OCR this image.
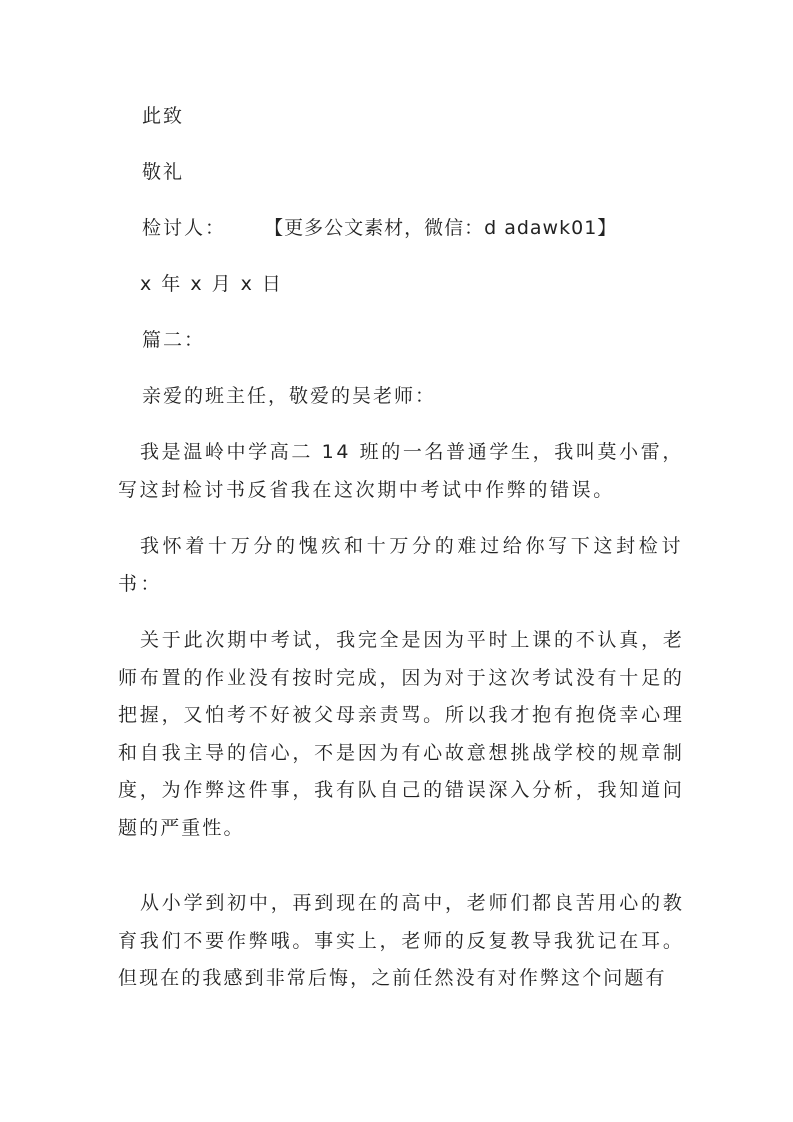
此致
敬礼
检讨人： 【更多公文素材，微信：d adawk01】
x 年 x 月 x 日
篇二：
亲爱的班主任，敬爱的吴老师：
我是温岭中学高二 14 班的一名普通学生，我叫莫小雷，写这封检讨书反省我在这次期中考试中作弊的错误。
我怀着十万分的愧疚和十万分的难过给你写下这封检讨书：
关于此次期中考试，我完全是因为平时上课的不认真，老师布置的作业没有按时完成，因为对于这次考试没有十足的把握，又怕考不好被父母亲责骂。所以我才抱有抱侥幸心理和自我主导的信心，不是因为有心故意想挑战学校的规章制度，为作弊这件事，我有队自己的错误深入分析，我知道问题的严重性。
从小学到初中，再到现在的高中，老师们都良苦用心的教育我们不要作弊哦。事实上，老师的反复教导我犹记在耳。但现在的我感到非常后悔，之前任然没有对作弊这个问题有
